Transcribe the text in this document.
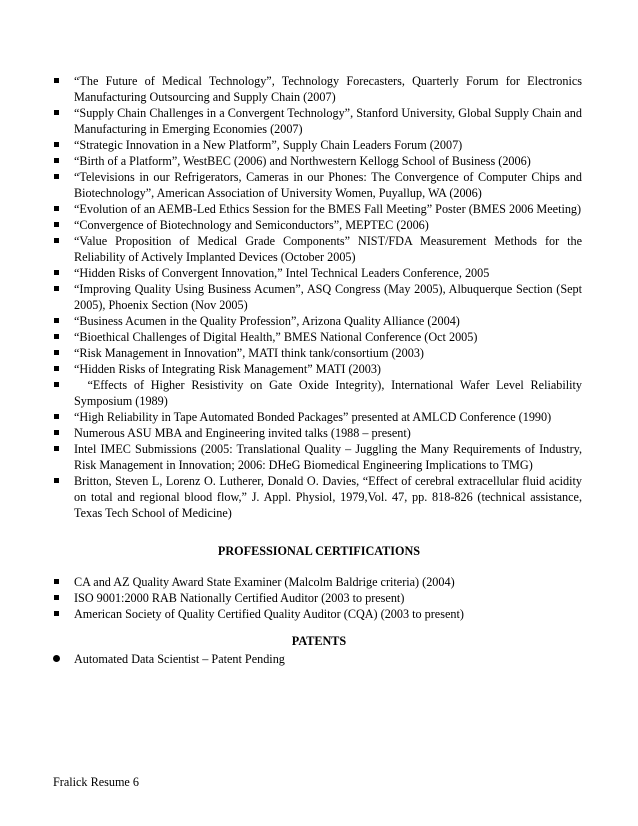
“The Future of Medical Technology”, Technology Forecasters, Quarterly Forum for Electronics Manufacturing Outsourcing and Supply Chain (2007)
“Supply Chain Challenges in a Convergent Technology”, Stanford University, Global Supply Chain and Manufacturing in Emerging Economies (2007)
“Strategic Innovation in a New Platform”, Supply Chain Leaders Forum (2007)
“Birth of a Platform”, WestBEC (2006) and Northwestern Kellogg School of Business (2006)
“Televisions in our Refrigerators, Cameras in our Phones: The Convergence of Computer Chips and Biotechnology”, American Association of University Women, Puyallup, WA (2006)
“Evolution of an AEMB-Led Ethics Session for the BMES Fall Meeting” Poster (BMES 2006 Meeting)
“Convergence of Biotechnology and Semiconductors”, MEPTEC (2006)
“Value Proposition of Medical Grade Components” NIST/FDA Measurement Methods for the Reliability of Actively Implanted Devices (October 2005)
“Hidden Risks of Convergent Innovation,” Intel Technical Leaders Conference, 2005
“Improving Quality Using Business Acumen”, ASQ Congress (May 2005), Albuquerque Section (Sept 2005), Phoenix Section (Nov 2005)
“Business Acumen in the Quality Profession”, Arizona Quality Alliance (2004)
“Bioethical Challenges of Digital Health,” BMES National Conference (Oct 2005)
“Risk Management in Innovation”, MATI think tank/consortium (2003)
“Hidden Risks of Integrating Risk Management” MATI (2003)
“Effects of Higher Resistivity on Gate Oxide Integrity), International Wafer Level Reliability Symposium (1989)
“High Reliability in Tape Automated Bonded Packages” presented at AMLCD Conference (1990)
Numerous ASU MBA and Engineering invited talks (1988 – present)
Intel IMEC Submissions (2005: Translational Quality – Juggling the Many Requirements of Industry, Risk Management in Innovation; 2006: DHeG Biomedical Engineering Implications to TMG)
Britton, Steven L, Lorenz O. Lutherer, Donald O. Davies, “Effect of cerebral extracellular fluid acidity on total and regional blood flow,” J. Appl. Physiol, 1979,Vol. 47, pp. 818-826 (technical assistance, Texas Tech School of Medicine)
PROFESSIONAL CERTIFICATIONS
CA and AZ Quality Award State Examiner (Malcolm Baldrige criteria) (2004)
ISO 9001:2000 RAB Nationally Certified Auditor (2003 to present)
American Society of Quality Certified Quality Auditor (CQA) (2003 to present)
PATENTS
Automated Data Scientist – Patent Pending
Fralick Resume 6
